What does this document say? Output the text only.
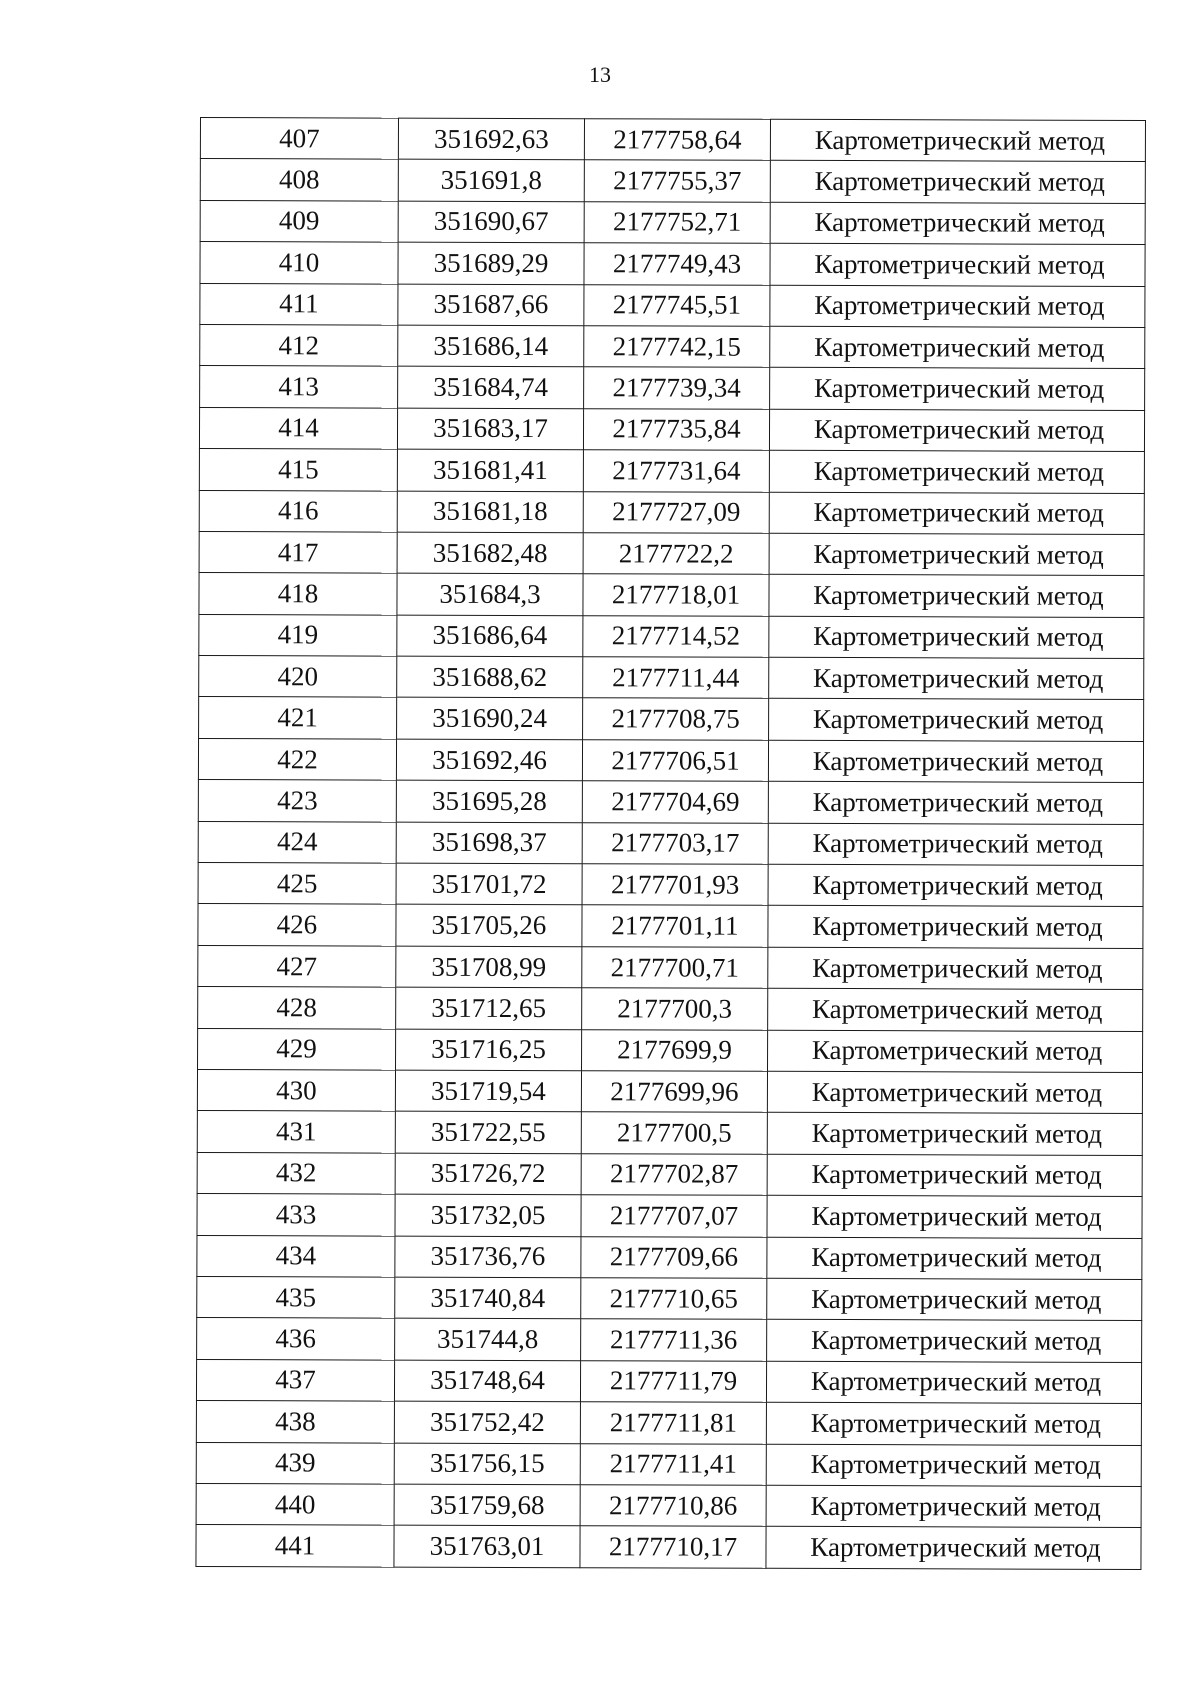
13
407	351692,63	2177758,64	Картометрический метод
408	351691,8	2177755,37	Картометрический метод
409	351690,67	2177752,71	Картометрический метод
410	351689,29	2177749,43	Картометрический метод
411	351687,66	2177745,51	Картометрический метод
412	351686,14	2177742,15	Картометрический метод
413	351684,74	2177739,34	Картометрический метод
414	351683,17	2177735,84	Картометрический метод
415	351681,41	2177731,64	Картометрический метод
416	351681,18	2177727,09	Картометрический метод
417	351682,48	2177722,2	Картометрический метод
418	351684,3	2177718,01	Картометрический метод
419	351686,64	2177714,52	Картометрический метод
420	351688,62	2177711,44	Картометрический метод
421	351690,24	2177708,75	Картометрический метод
422	351692,46	2177706,51	Картометрический метод
423	351695,28	2177704,69	Картометрический метод
424	351698,37	2177703,17	Картометрический метод
425	351701,72	2177701,93	Картометрический метод
426	351705,26	2177701,11	Картометрический метод
427	351708,99	2177700,71	Картометрический метод
428	351712,65	2177700,3	Картометрический метод
429	351716,25	2177699,9	Картометрический метод
430	351719,54	2177699,96	Картометрический метод
431	351722,55	2177700,5	Картометрический метод
432	351726,72	2177702,87	Картометрический метод
433	351732,05	2177707,07	Картометрический метод
434	351736,76	2177709,66	Картометрический метод
435	351740,84	2177710,65	Картометрический метод
436	351744,8	2177711,36	Картометрический метод
437	351748,64	2177711,79	Картометрический метод
438	351752,42	2177711,81	Картометрический метод
439	351756,15	2177711,41	Картометрический метод
440	351759,68	2177710,86	Картометрический метод
441	351763,01	2177710,17	Картометрический метод
